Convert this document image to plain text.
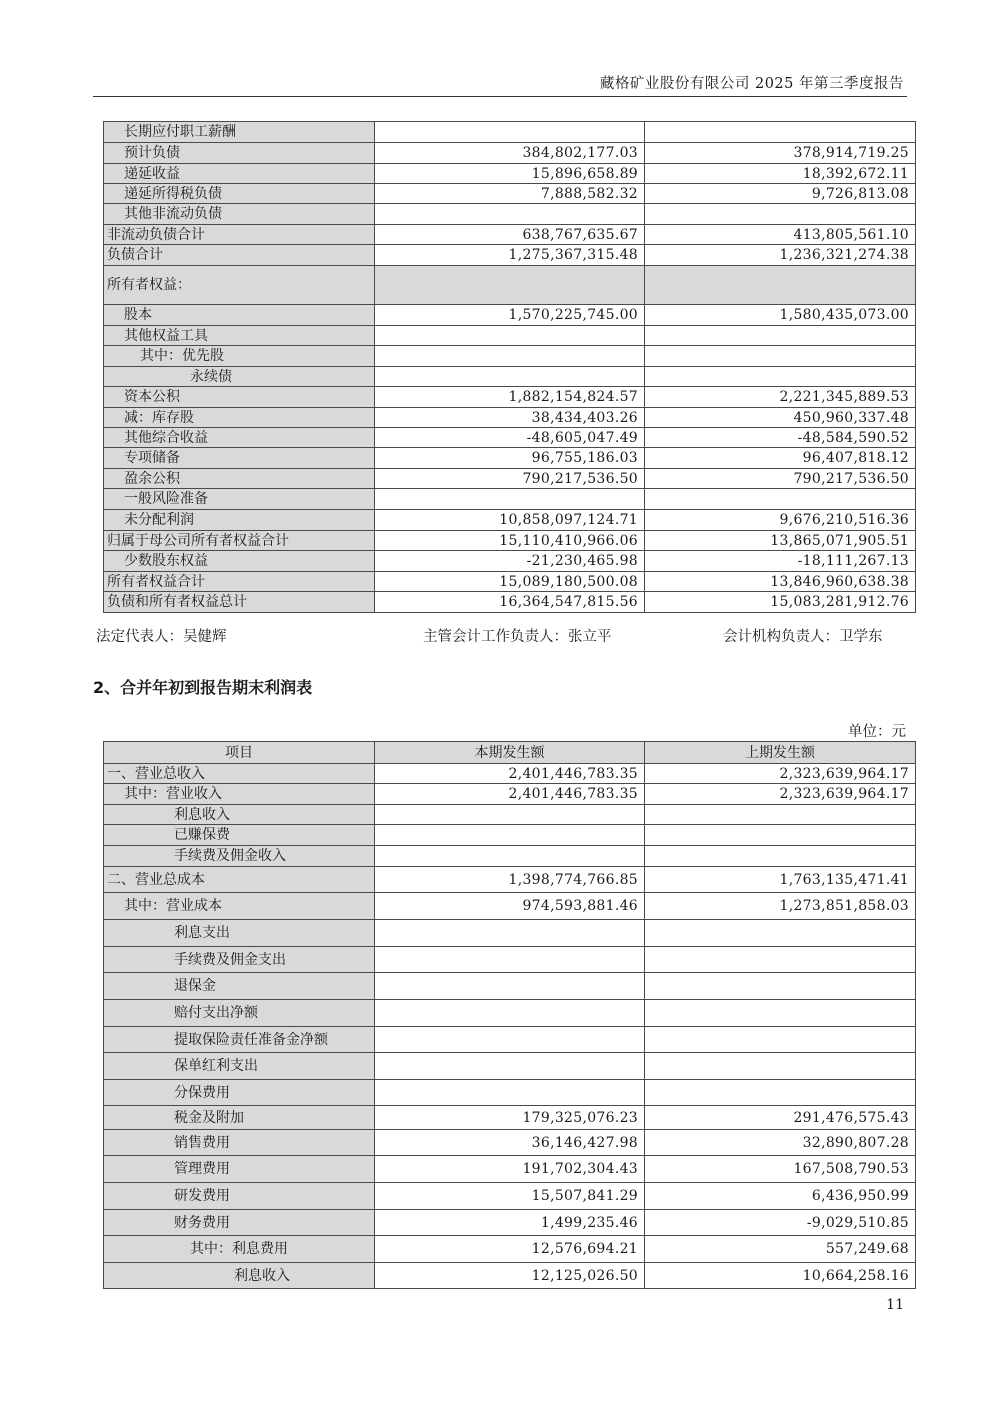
藏格矿业股份有限公司 2025 年第三季度报告
长期应付职工薪酬		
预计负债	384,802,177.03	378,914,719.25
递延收益	15,896,658.89	18,392,672.11
递延所得税负债	7,888,582.32	9,726,813.08
其他非流动负债		
非流动负债合计	638,767,635.67	413,805,561.10
负债合计	1,275,367,315.48	1,236,321,274.38
所有者权益：		
股本	1,570,225,745.00	1,580,435,073.00
其他权益工具		
其中：优先股		
永续债		
资本公积	1,882,154,824.57	2,221,345,889.53
减：库存股	38,434,403.26	450,960,337.48
其他综合收益	-48,605,047.49	-48,584,590.52
专项储备	96,755,186.03	96,407,818.12
盈余公积	790,217,536.50	790,217,536.50
一般风险准备		
未分配利润	10,858,097,124.71	9,676,210,516.36
归属于母公司所有者权益合计	15,110,410,966.06	13,865,071,905.51
少数股东权益	-21,230,465.98	-18,111,267.13
所有者权益合计	15,089,180,500.08	13,846,960,638.38
负债和所有者权益总计	16,364,547,815.56	15,083,281,912.76
法定代表人：吴健辉	主管会计工作负责人：张立平	会计机构负责人：卫学东
2、合并年初到报告期末利润表
单位：元
项目	本期发生额	上期发生额
一、营业总收入	2,401,446,783.35	2,323,639,964.17
其中：营业收入	2,401,446,783.35	2,323,639,964.17
利息收入		
已赚保费		
手续费及佣金收入		
二、营业总成本	1,398,774,766.85	1,763,135,471.41
其中：营业成本	974,593,881.46	1,273,851,858.03
利息支出		
手续费及佣金支出		
退保金		
赔付支出净额		
提取保险责任准备金净额		
保单红利支出		
分保费用		
税金及附加	179,325,076.23	291,476,575.43
销售费用	36,146,427.98	32,890,807.28
管理费用	191,702,304.43	167,508,790.53
研发费用	15,507,841.29	6,436,950.99
财务费用	1,499,235.46	-9,029,510.85
其中：利息费用	12,576,694.21	557,249.68
利息收入	12,125,026.50	10,664,258.16
11
